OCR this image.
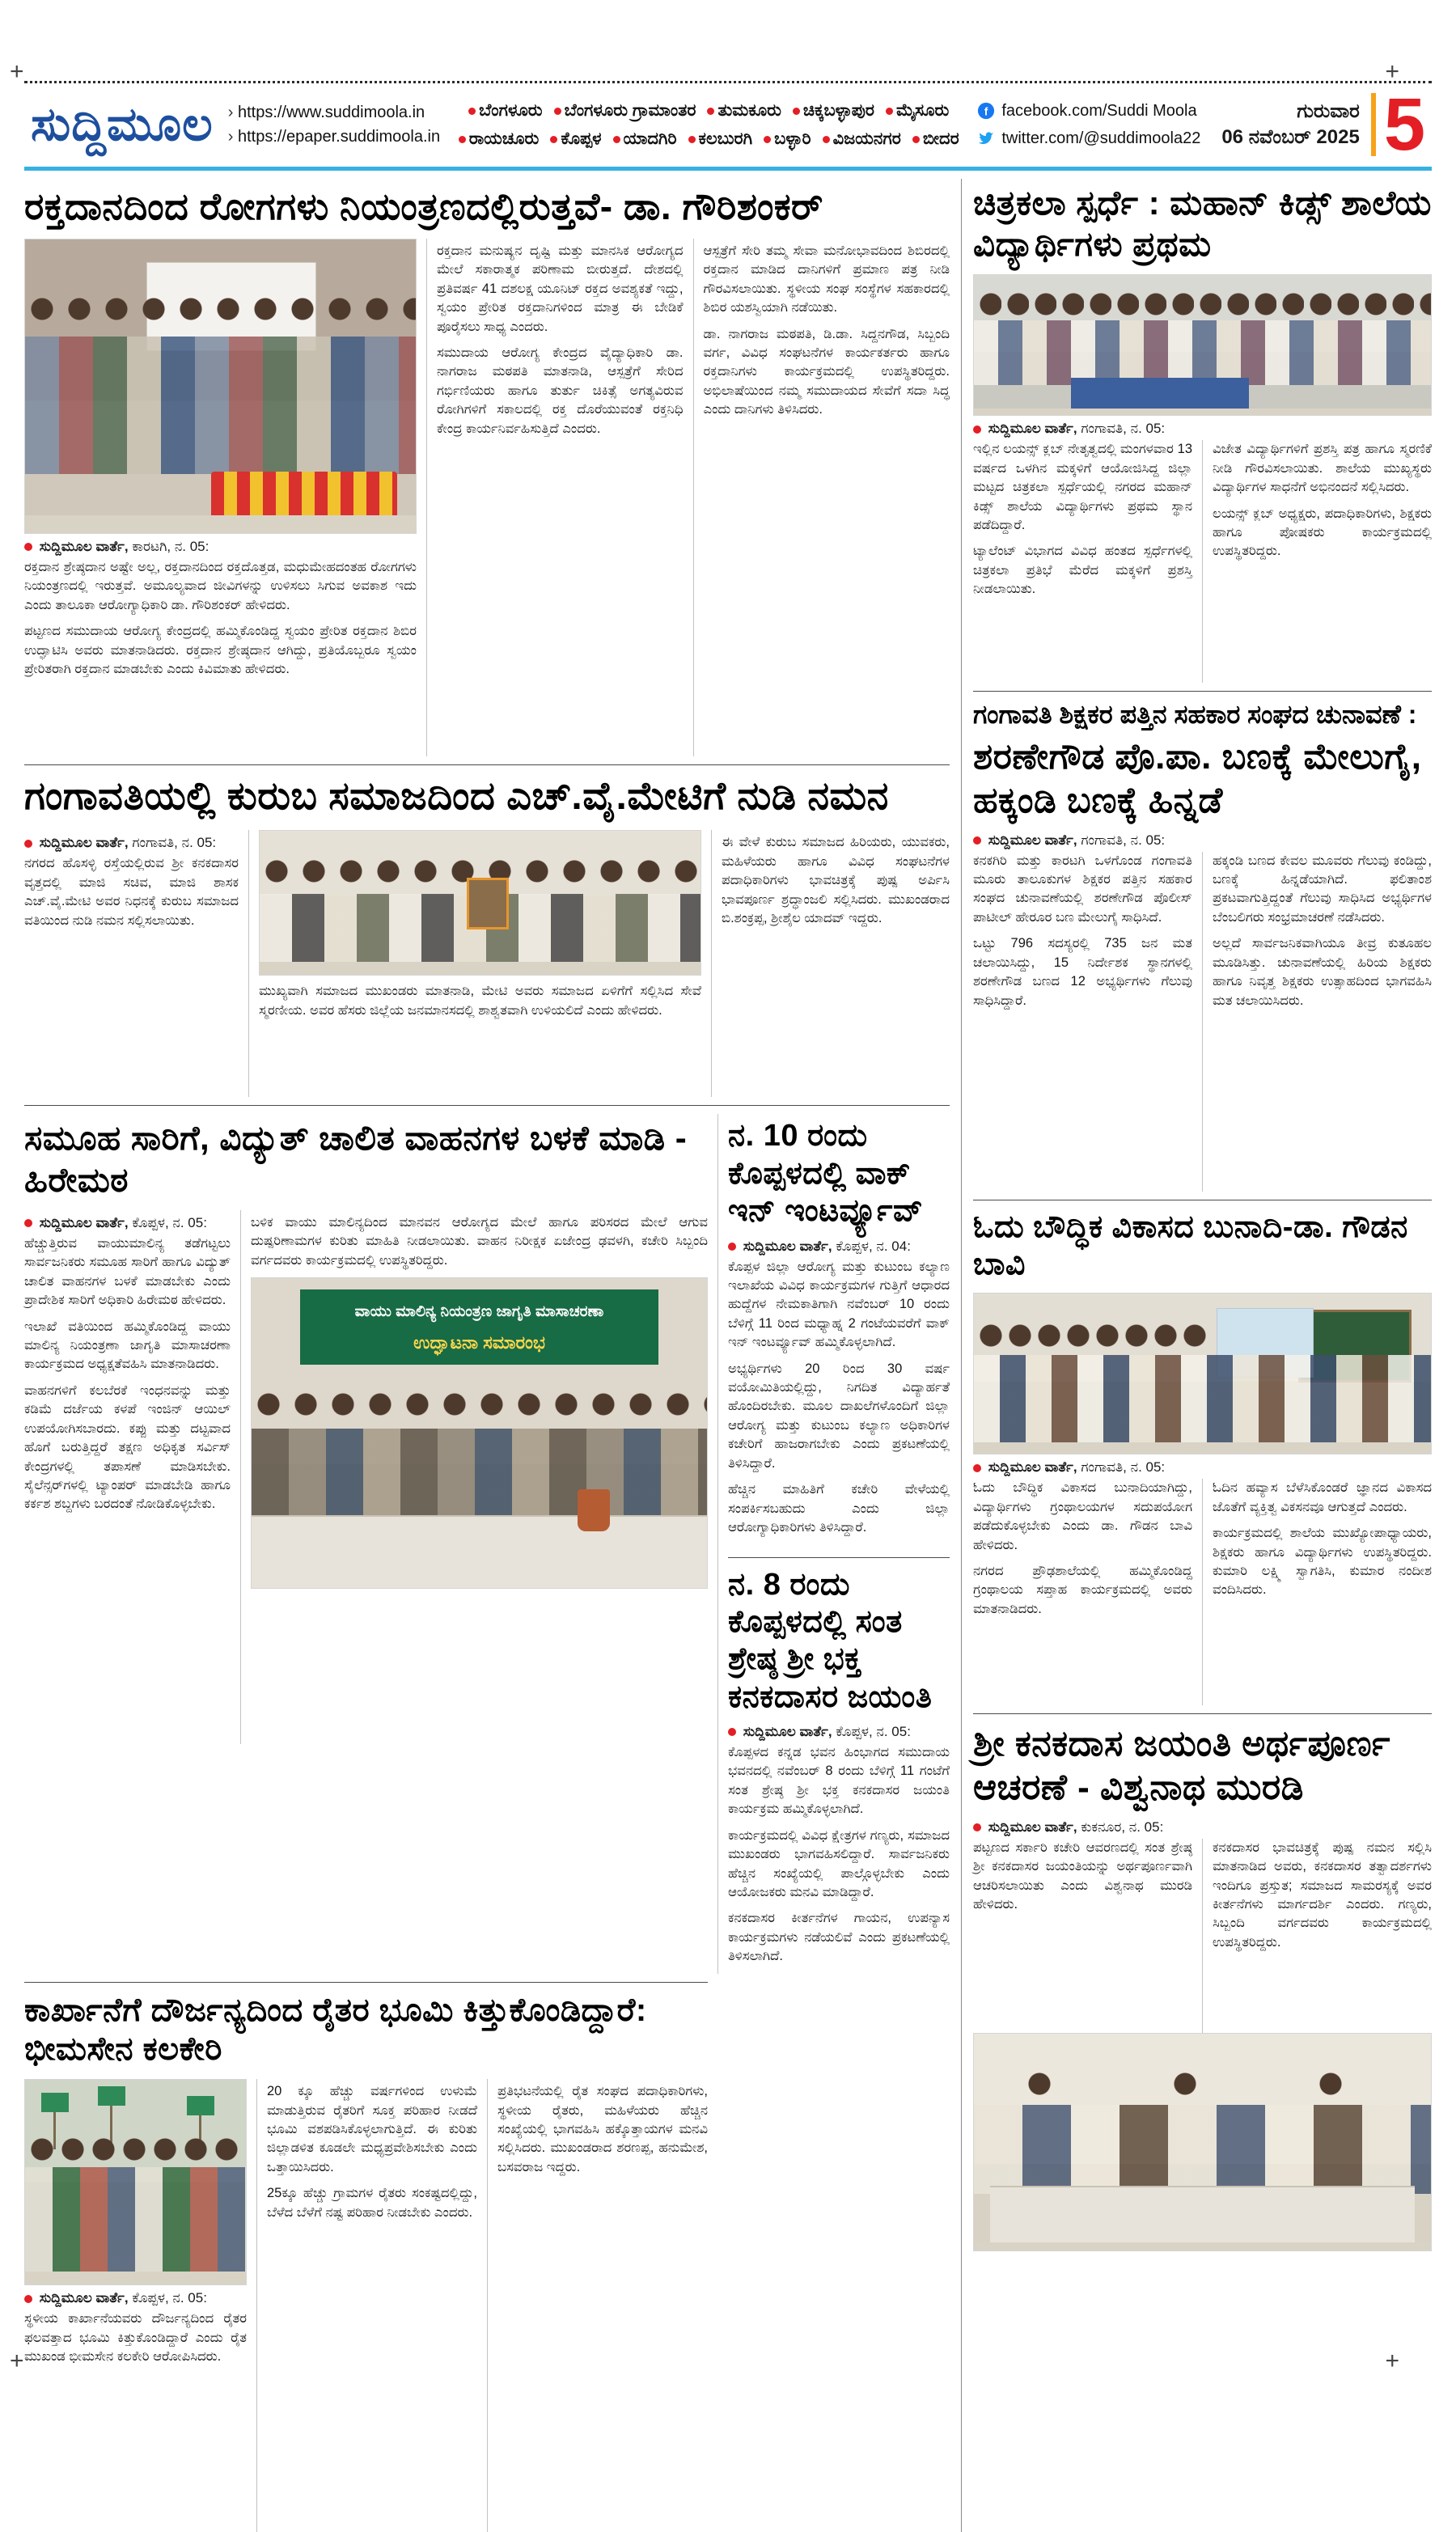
+	+
+	+
ಸುದ್ದಿಮೂಲ	› https://www.suddimoola.in
› https://epaper.suddimoola.in
ಬೆಂಗಳೂರು ಬೆಂಗಳೂರು ಗ್ರಾಮಾಂತರ ತುಮಕೂರು ಚಿಕ್ಕಬಳ್ಳಾಪುರ ಮೈಸೂರು
ರಾಯಚೂರು ಕೊಪ್ಪಳ ಯಾದಗಿರಿ ಕಲಬುರಗಿ ಬಳ್ಳಾರಿ ವಿಜಯನಗರ ಬೀದರ
f facebook.com/Suddi Moola
twitter.com/@suddimoola22
ಗುರುವಾರ
06 ನವೆಂಬರ್ 2025 5
ರಕ್ತದಾನದಿಂದ ರೋಗಗಳು ನಿಯಂತ್ರಣದಲ್ಲಿರುತ್ತವೆ- ಡಾ. ಗೌರಿಶಂಕರ್
ಸುದ್ದಿಮೂಲ ವಾರ್ತೆ, ಕಾರಟಗಿ, ನ. 05:

ರಕ್ತದಾನ ಶ್ರೇಷ್ಠದಾನ ಅಷ್ಟೇ ಅಲ್ಲ, ರಕ್ತದಾನದಿಂದ ರಕ್ತದೊತ್ತಡ, ಮಧುಮೇಹದಂತಹ ರೋಗಗಳು ನಿಯಂತ್ರಣದಲ್ಲಿ ಇರುತ್ತವೆ. ಅಮೂಲ್ಯವಾದ ಜೀವಿಗಳನ್ನು ಉಳಿಸಲು ಸಿಗುವ ಅವಕಾಶ ಇದು ಎಂದು ತಾಲೂಕಾ ಆರೋಗ್ಯಾಧಿಕಾರಿ ಡಾ. ಗೌರಿಶಂಕರ್ ಹೇಳಿದರು.

ಪಟ್ಟಣದ ಸಮುದಾಯ ಆರೋಗ್ಯ ಕೇಂದ್ರದಲ್ಲಿ ಹಮ್ಮಿಕೊಂಡಿದ್ದ ಸ್ವಯಂ ಪ್ರೇರಿತ ರಕ್ತದಾನ ಶಿಬಿರ ಉದ್ಘಾಟಿಸಿ ಅವರು ಮಾತನಾಡಿದರು. ರಕ್ತದಾನ ಶ್ರೇಷ್ಠದಾನ ಆಗಿದ್ದು, ಪ್ರತಿಯೊಬ್ಬರೂ ಸ್ವಯಂ ಪ್ರೇರಿತರಾಗಿ ರಕ್ತದಾನ ಮಾಡಬೇಕು ಎಂದು ಕಿವಿಮಾತು ಹೇಳಿದರು.

ರಕ್ತದಾನ ಮನುಷ್ಯನ ದೃಷ್ಟಿ ಮತ್ತು ಮಾನಸಿಕ ಆರೋಗ್ಯದ ಮೇಲೆ ಸಕಾರಾತ್ಮಕ ಪರಿಣಾಮ ಬೀರುತ್ತದೆ. ದೇಶದಲ್ಲಿ ಪ್ರತಿವರ್ಷ 41 ದಶಲಕ್ಷ ಯೂನಿಟ್ ರಕ್ತದ ಅವಶ್ಯಕತೆ ಇದ್ದು, ಸ್ವಯಂ ಪ್ರೇರಿತ ರಕ್ತದಾನಿಗಳಿಂದ ಮಾತ್ರ ಈ ಬೇಡಿಕೆ ಪೂರೈಸಲು ಸಾಧ್ಯ ಎಂದರು.

ಸಮುದಾಯ ಆರೋಗ್ಯ ಕೇಂದ್ರದ ವೈದ್ಯಾಧಿಕಾರಿ ಡಾ. ನಾಗರಾಜ ಮಠಪತಿ ಮಾತನಾಡಿ, ಆಸ್ಪತ್ರೆಗೆ ಸೇರಿದ ಗರ್ಭಿಣಿಯರು ಹಾಗೂ ತುರ್ತು ಚಿಕಿತ್ಸೆ ಅಗತ್ಯವಿರುವ ರೋಗಿಗಳಿಗೆ ಸಕಾಲದಲ್ಲಿ ರಕ್ತ ದೊರೆಯುವಂತೆ ರಕ್ತನಿಧಿ ಕೇಂದ್ರ ಕಾರ್ಯನಿರ್ವಹಿಸುತ್ತಿದೆ ಎಂದರು.

ಆಸ್ಪತ್ರೆಗೆ ಸೇರಿ ತಮ್ಮ ಸೇವಾ ಮನೋಭಾವದಿಂದ ಶಿಬಿರದಲ್ಲಿ ರಕ್ತದಾನ ಮಾಡಿದ ದಾನಿಗಳಿಗೆ ಪ್ರಮಾಣ ಪತ್ರ ನೀಡಿ ಗೌರವಿಸಲಾಯಿತು. ಸ್ಥಳೀಯ ಸಂಘ ಸಂಸ್ಥೆಗಳ ಸಹಕಾರದಲ್ಲಿ ಶಿಬಿರ ಯಶಸ್ವಿಯಾಗಿ ನಡೆಯಿತು.

ಡಾ. ನಾಗರಾಜ ಮಠಪತಿ, ಡಿ.ಡಾ. ಸಿದ್ದನಗೌಡ, ಸಿಬ್ಬಂದಿ ವರ್ಗ, ವಿವಿಧ ಸಂಘಟನೆಗಳ ಕಾರ್ಯಕರ್ತರು ಹಾಗೂ ರಕ್ತದಾನಿಗಳು ಕಾರ್ಯಕ್ರಮದಲ್ಲಿ ಉಪಸ್ಥಿತರಿದ್ದರು. ಅಭಿಲಾಷೆಯಿಂದ ನಮ್ಮ ಸಮುದಾಯದ ಸೇವೆಗೆ ಸದಾ ಸಿದ್ಧ ಎಂದು ದಾನಿಗಳು ತಿಳಿಸಿದರು.

ಗಂಗಾವತಿಯಲ್ಲಿ ಕುರುಬ ಸಮಾಜದಿಂದ ಎಚ್.ವೈ.ಮೇಟಿಗೆ ನುಡಿ ನಮನ
ಸುದ್ದಿಮೂಲ ವಾರ್ತೆ, ಗಂಗಾವತಿ, ನ. 05:

ನಗರದ ಹೊಸಳ್ಳಿ ರಸ್ತೆಯಲ್ಲಿರುವ ಶ್ರೀ ಕನಕದಾಸರ ವೃತ್ತದಲ್ಲಿ ಮಾಜಿ ಸಚಿವ, ಮಾಜಿ ಶಾಸಕ ಎಚ್.ವೈ.ಮೇಟಿ ಅವರ ನಿಧನಕ್ಕೆ ಕುರುಬ ಸಮಾಜದ ವತಿಯಿಂದ ನುಡಿ ನಮನ ಸಲ್ಲಿಸಲಾಯಿತು.

ಮುಖ್ಯವಾಗಿ ಸಮಾಜದ ಮುಖಂಡರು ಮಾತನಾಡಿ, ಮೇಟಿ ಅವರು ಸಮಾಜದ ಏಳಿಗೆಗೆ ಸಲ್ಲಿಸಿದ ಸೇವೆ ಸ್ಮರಣೀಯ. ಅವರ ಹೆಸರು ಜಿಲ್ಲೆಯ ಜನಮಾನಸದಲ್ಲಿ ಶಾಶ್ವತವಾಗಿ ಉಳಿಯಲಿದೆ ಎಂದು ಹೇಳಿದರು.

ಈ ವೇಳೆ ಕುರುಬ ಸಮಾಜದ ಹಿರಿಯರು, ಯುವಕರು, ಮಹಿಳೆಯರು ಹಾಗೂ ವಿವಿಧ ಸಂಘಟನೆಗಳ ಪದಾಧಿಕಾರಿಗಳು ಭಾವಚಿತ್ರಕ್ಕೆ ಪುಷ್ಪ ಅರ್ಪಿಸಿ ಭಾವಪೂರ್ಣ ಶ್ರದ್ಧಾಂಜಲಿ ಸಲ್ಲಿಸಿದರು. ಮುಖಂಡರಾದ ಬಿ.ಶಂಕ್ರಪ್ಪ, ಶ್ರೀಶೈಲ ಯಾದವ್ ಇದ್ದರು.

ಸಮೂಹ ಸಾರಿಗೆ, ವಿದ್ಯುತ್ ಚಾಲಿತ ವಾಹನಗಳ ಬಳಕೆ ಮಾಡಿ - ಹಿರೇಮಠ
ಸುದ್ದಿಮೂಲ ವಾರ್ತೆ, ಕೊಪ್ಪಳ, ನ. 05:

ಹೆಚ್ಚುತ್ತಿರುವ ವಾಯುಮಾಲಿನ್ಯ ತಡೆಗಟ್ಟಲು ಸಾರ್ವಜನಿಕರು ಸಮೂಹ ಸಾರಿಗೆ ಹಾಗೂ ವಿದ್ಯುತ್ ಚಾಲಿತ ವಾಹನಗಳ ಬಳಕೆ ಮಾಡಬೇಕು ಎಂದು ಪ್ರಾದೇಶಿಕ ಸಾರಿಗೆ ಅಧಿಕಾರಿ ಹಿರೇಮಠ ಹೇಳಿದರು.

ಇಲಾಖೆ ವತಿಯಿಂದ ಹಮ್ಮಿಕೊಂಡಿದ್ದ ವಾಯು ಮಾಲಿನ್ಯ ನಿಯಂತ್ರಣಾ ಜಾಗೃತಿ ಮಾಸಾಚರಣಾ ಕಾರ್ಯಕ್ರಮದ ಅಧ್ಯಕ್ಷತೆವಹಿಸಿ ಮಾತನಾಡಿದರು.

ವಾಹನಗಳಿಗೆ ಕಲಬೆರಕೆ ಇಂಧನವನ್ನು ಮತ್ತು ಕಡಿಮೆ ದರ್ಜೆಯ ಕಳಪೆ ಇಂಜಿನ್ ಆಯಿಲ್ ಉಪಯೋಗಿಸಬಾರದು. ಕಪ್ಪು ಮತ್ತು ದಟ್ಟವಾದ ಹೊಗೆ ಬರುತ್ತಿದ್ದರೆ ತಕ್ಷಣ ಅಧಿಕೃತ ಸರ್ವಿಸ್ ಕೇಂದ್ರಗಳಲ್ಲಿ ತಪಾಸಣೆ ಮಾಡಿಸಬೇಕು. ಸೈಲೆನ್ಸರ್‌ಗಳಲ್ಲಿ ಟ್ಯಾಂಪರ್ ಮಾಡಬೇಡಿ ಹಾಗೂ ಕರ್ಕಶ ಶಬ್ದಗಳು ಬರದಂತೆ ನೋಡಿಕೊಳ್ಳಬೇಕು.

ಬಳಿಕ ವಾಯು ಮಾಲಿನ್ಯದಿಂದ ಮಾನವನ ಆರೋಗ್ಯದ ಮೇಲೆ ಹಾಗೂ ಪರಿಸರದ ಮೇಲೆ ಆಗುವ ದುಷ್ಪರಿಣಾಮಗಳ ಕುರಿತು ಮಾಹಿತಿ ನೀಡಲಾಯಿತು. ವಾಹನ ನಿರೀಕ್ಷಕ ಏಜೇಂದ್ರ ಢವಳಗಿ, ಕಚೇರಿ ಸಿಬ್ಬಂದಿ ವರ್ಗದವರು ಕಾರ್ಯಕ್ರಮದಲ್ಲಿ ಉಪಸ್ಥಿತರಿದ್ದರು.

ವಾಯು ಮಾಲಿನ್ಯ ನಿಯಂತ್ರಣ ಜಾಗೃತಿ ಮಾಸಾಚರಣಾ
ಉದ್ಘಾಟನಾ ಸಮಾರಂಭ
ನ. 10 ರಂದು ಕೊಪ್ಪಳದಲ್ಲಿ ವಾಕ್ ಇನ್ ಇಂಟರ್ವ್ಯೂವ್
ಸುದ್ದಿಮೂಲ ವಾರ್ತೆ, ಕೊಪ್ಪಳ, ನ. 04:

ಕೊಪ್ಪಳ ಜಿಲ್ಲಾ ಆರೋಗ್ಯ ಮತ್ತು ಕುಟುಂಬ ಕಲ್ಯಾಣ ಇಲಾಖೆಯ ವಿವಿಧ ಕಾರ್ಯಕ್ರಮಗಳ ಗುತ್ತಿಗೆ ಆಧಾರದ ಹುದ್ದೆಗಳ ನೇಮಕಾತಿಗಾಗಿ ನವೆಂಬರ್ 10 ರಂದು ಬೆಳಿಗ್ಗೆ 11 ರಿಂದ ಮಧ್ಯಾಹ್ನ 2 ಗಂಟೆಯವರೆಗೆ ವಾಕ್ ಇನ್ ಇಂಟರ್ವ್ಯೂವ್ ಹಮ್ಮಿಕೊಳ್ಳಲಾಗಿದೆ.

ಅಭ್ಯರ್ಥಿಗಳು 20 ರಿಂದ 30 ವರ್ಷ ವಯೋಮಿತಿಯಲ್ಲಿದ್ದು, ನಿಗದಿತ ವಿದ್ಯಾರ್ಹತೆ ಹೊಂದಿರಬೇಕು. ಮೂಲ ದಾಖಲೆಗಳೊಂದಿಗೆ ಜಿಲ್ಲಾ ಆರೋಗ್ಯ ಮತ್ತು ಕುಟುಂಬ ಕಲ್ಯಾಣ ಅಧಿಕಾರಿಗಳ ಕಚೇರಿಗೆ ಹಾಜರಾಗಬೇಕು ಎಂದು ಪ್ರಕಟಣೆಯಲ್ಲಿ ತಿಳಿಸಿದ್ದಾರೆ.

ಹೆಚ್ಚಿನ ಮಾಹಿತಿಗೆ ಕಚೇರಿ ವೇಳೆಯಲ್ಲಿ ಸಂಪರ್ಕಿಸಬಹುದು ಎಂದು ಜಿಲ್ಲಾ ಆರೋಗ್ಯಾಧಿಕಾರಿಗಳು ತಿಳಿಸಿದ್ದಾರೆ.

ನ. 8 ರಂದು ಕೊಪ್ಪಳದಲ್ಲಿ ಸಂತ ಶ್ರೇಷ್ಠ ಶ್ರೀ ಭಕ್ತ ಕನಕದಾಸರ ಜಯಂತಿ
ಸುದ್ದಿಮೂಲ ವಾರ್ತೆ, ಕೊಪ್ಪಳ, ನ. 05:

ಕೊಪ್ಪಳದ ಕನ್ನಡ ಭವನ ಹಿಂಭಾಗದ ಸಮುದಾಯ ಭವನದಲ್ಲಿ ನವೆಂಬರ್ 8 ರಂದು ಬೆಳಿಗ್ಗೆ 11 ಗಂಟೆಗೆ ಸಂತ ಶ್ರೇಷ್ಠ ಶ್ರೀ ಭಕ್ತ ಕನಕದಾಸರ ಜಯಂತಿ ಕಾರ್ಯಕ್ರಮ ಹಮ್ಮಿಕೊಳ್ಳಲಾಗಿದೆ.

ಕಾರ್ಯಕ್ರಮದಲ್ಲಿ ವಿವಿಧ ಕ್ಷೇತ್ರಗಳ ಗಣ್ಯರು, ಸಮಾಜದ ಮುಖಂಡರು ಭಾಗವಹಿಸಲಿದ್ದಾರೆ. ಸಾರ್ವಜನಿಕರು ಹೆಚ್ಚಿನ ಸಂಖ್ಯೆಯಲ್ಲಿ ಪಾಲ್ಗೊಳ್ಳಬೇಕು ಎಂದು ಆಯೋಜಕರು ಮನವಿ ಮಾಡಿದ್ದಾರೆ.

ಕನಕದಾಸರ ಕೀರ್ತನೆಗಳ ಗಾಯನ, ಉಪನ್ಯಾಸ ಕಾರ್ಯಕ್ರಮಗಳು ನಡೆಯಲಿವೆ ಎಂದು ಪ್ರಕಟಣೆಯಲ್ಲಿ ತಿಳಿಸಲಾಗಿದೆ.

ಕಾರ್ಖಾನೆಗೆ ದೌರ್ಜನ್ಯದಿಂದ ರೈತರ ಭೂಮಿ ಕಿತ್ತುಕೊಂಡಿದ್ದಾರೆ: ಭೀಮಸೇನ ಕಲಕೇರಿ
ಸುದ್ದಿಮೂಲ ವಾರ್ತೆ, ಕೊಪ್ಪಳ, ನ. 05:

ಸ್ಥಳೀಯ ಕಾರ್ಖಾನೆಯವರು ದೌರ್ಜನ್ಯದಿಂದ ರೈತರ ಫಲವತ್ತಾದ ಭೂಮಿ ಕಿತ್ತುಕೊಂಡಿದ್ದಾರೆ ಎಂದು ರೈತ ಮುಖಂಡ ಭೀಮಸೇನ ಕಲಕೇರಿ ಆರೋಪಿಸಿದರು.

20 ಕ್ಕೂ ಹೆಚ್ಚು ವರ್ಷಗಳಿಂದ ಉಳುಮೆ ಮಾಡುತ್ತಿರುವ ರೈತರಿಗೆ ಸೂಕ್ತ ಪರಿಹಾರ ನೀಡದೆ ಭೂಮಿ ವಶಪಡಿಸಿಕೊಳ್ಳಲಾಗುತ್ತಿದೆ. ಈ ಕುರಿತು ಜಿಲ್ಲಾಡಳಿತ ಕೂಡಲೇ ಮಧ್ಯಪ್ರವೇಶಿಸಬೇಕು ಎಂದು ಒತ್ತಾಯಿಸಿದರು.

25ಕ್ಕೂ ಹೆಚ್ಚು ಗ್ರಾಮಗಳ ರೈತರು ಸಂಕಷ್ಟದಲ್ಲಿದ್ದು, ಬೆಳೆದ ಬೆಳೆಗೆ ನಷ್ಟ ಪರಿಹಾರ ನೀಡಬೇಕು ಎಂದರು.

ಪ್ರತಿಭಟನೆಯಲ್ಲಿ ರೈತ ಸಂಘದ ಪದಾಧಿಕಾರಿಗಳು, ಸ್ಥಳೀಯ ರೈತರು, ಮಹಿಳೆಯರು ಹೆಚ್ಚಿನ ಸಂಖ್ಯೆಯಲ್ಲಿ ಭಾಗವಹಿಸಿ ಹಕ್ಕೊತ್ತಾಯಗಳ ಮನವಿ ಸಲ್ಲಿಸಿದರು. ಮುಖಂಡರಾದ ಶರಣಪ್ಪ, ಹನುಮೇಶ, ಬಸವರಾಜ ಇದ್ದರು.

ಚಿತ್ರಕಲಾ ಸ್ಪರ್ಧೆ : ಮಹಾನ್ ಕಿಡ್ಸ್ ಶಾಲೆಯ ವಿದ್ಯಾರ್ಥಿಗಳು ಪ್ರಥಮ
ಸುದ್ದಿಮೂಲ ವಾರ್ತೆ, ಗಂಗಾವತಿ, ನ. 05:

ಇಲ್ಲಿನ ಲಯನ್ಸ್ ಕ್ಲಬ್ ನೇತೃತ್ವದಲ್ಲಿ ಮಂಗಳವಾರ 13 ವರ್ಷದ ಒಳಗಿನ ಮಕ್ಕಳಿಗೆ ಆಯೋಜಿಸಿದ್ದ ಜಿಲ್ಲಾ ಮಟ್ಟದ ಚಿತ್ರಕಲಾ ಸ್ಪರ್ಧೆಯಲ್ಲಿ ನಗರದ ಮಹಾನ್ ಕಿಡ್ಸ್ ಶಾಲೆಯ ವಿದ್ಯಾರ್ಥಿಗಳು ಪ್ರಥಮ ಸ್ಥಾನ ಪಡೆದಿದ್ದಾರೆ.

ಟ್ಯಾಲೆಂಟ್ ವಿಭಾಗದ ವಿವಿಧ ಹಂತದ ಸ್ಪರ್ಧೆಗಳಲ್ಲಿ ಚಿತ್ರಕಲಾ ಪ್ರತಿಭೆ ಮೆರೆದ ಮಕ್ಕಳಿಗೆ ಪ್ರಶಸ್ತಿ ನೀಡಲಾಯಿತು.

ವಿಜೇತ ವಿದ್ಯಾರ್ಥಿಗಳಿಗೆ ಪ್ರಶಸ್ತಿ ಪತ್ರ ಹಾಗೂ ಸ್ಮರಣಿಕೆ ನೀಡಿ ಗೌರವಿಸಲಾಯಿತು. ಶಾಲೆಯ ಮುಖ್ಯಸ್ಥರು ವಿದ್ಯಾರ್ಥಿಗಳ ಸಾಧನೆಗೆ ಅಭಿನಂದನೆ ಸಲ್ಲಿಸಿದರು.

ಲಯನ್ಸ್ ಕ್ಲಬ್ ಅಧ್ಯಕ್ಷರು, ಪದಾಧಿಕಾರಿಗಳು, ಶಿಕ್ಷಕರು ಹಾಗೂ ಪೋಷಕರು ಕಾರ್ಯಕ್ರಮದಲ್ಲಿ ಉಪಸ್ಥಿತರಿದ್ದರು.

ಗಂಗಾವತಿ ಶಿಕ್ಷಕರ ಪತ್ತಿನ ಸಹಕಾರ ಸಂಘದ ಚುನಾವಣೆ :
ಶರಣೇಗೌಡ ಪೊ.ಪಾ. ಬಣಕ್ಕೆ ಮೇಲುಗೈ, ಹಕ್ಕಂಡಿ ಬಣಕ್ಕೆ ಹಿನ್ನಡೆ
ಸುದ್ದಿಮೂಲ ವಾರ್ತೆ, ಗಂಗಾವತಿ, ನ. 05:

ಕನಕಗಿರಿ ಮತ್ತು ಕಾರಟಗಿ ಒಳಗೊಂಡ ಗಂಗಾವತಿ ಮೂರು ತಾಲೂಕುಗಳ ಶಿಕ್ಷಕರ ಪತ್ತಿನ ಸಹಕಾರ ಸಂಘದ ಚುನಾವಣೆಯಲ್ಲಿ ಶರಣೇಗೌಡ ಪೊಲೀಸ್ ಪಾಟೀಲ್ ಹೇರೂರ ಬಣ ಮೇಲುಗೈ ಸಾಧಿಸಿದೆ.

ಒಟ್ಟು 796 ಸದಸ್ಯರಲ್ಲಿ 735 ಜನ ಮತ ಚಲಾಯಿಸಿದ್ದು, 15 ನಿರ್ದೇಶಕ ಸ್ಥಾನಗಳಲ್ಲಿ ಶರಣೇಗೌಡ ಬಣದ 12 ಅಭ್ಯರ್ಥಿಗಳು ಗೆಲುವು ಸಾಧಿಸಿದ್ದಾರೆ.

ಹಕ್ಕಂಡಿ ಬಣದ ಕೇವಲ ಮೂವರು ಗೆಲುವು ಕಂಡಿದ್ದು, ಬಣಕ್ಕೆ ಹಿನ್ನಡೆಯಾಗಿದೆ. ಫಲಿತಾಂಶ ಪ್ರಕಟವಾಗುತ್ತಿದ್ದಂತೆ ಗೆಲುವು ಸಾಧಿಸಿದ ಅಭ್ಯರ್ಥಿಗಳ ಬೆಂಬಲಿಗರು ಸಂಭ್ರಮಾಚರಣೆ ನಡೆಸಿದರು.

ಅಲ್ಲದೆ ಸಾರ್ವಜನಿಕವಾಗಿಯೂ ತೀವ್ರ ಕುತೂಹಲ ಮೂಡಿಸಿತ್ತು. ಚುನಾವಣೆಯಲ್ಲಿ ಹಿರಿಯ ಶಿಕ್ಷಕರು ಹಾಗೂ ನಿವೃತ್ತ ಶಿಕ್ಷಕರು ಉತ್ಸಾಹದಿಂದ ಭಾಗವಹಿಸಿ ಮತ ಚಲಾಯಿಸಿದರು.

ಓದು ಬೌದ್ಧಿಕ ವಿಕಾಸದ ಬುನಾದಿ-ಡಾ. ಗೌಡನ ಬಾವಿ
ಸುದ್ದಿಮೂಲ ವಾರ್ತೆ, ಗಂಗಾವತಿ, ನ. 05:

ಓದು ಬೌದ್ಧಿಕ ವಿಕಾಸದ ಬುನಾದಿಯಾಗಿದ್ದು, ವಿದ್ಯಾರ್ಥಿಗಳು ಗ್ರಂಥಾಲಯಗಳ ಸದುಪಯೋಗ ಪಡೆದುಕೊಳ್ಳಬೇಕು ಎಂದು ಡಾ. ಗೌಡನ ಬಾವಿ ಹೇಳಿದರು.

ನಗರದ ಪ್ರೌಢಶಾಲೆಯಲ್ಲಿ ಹಮ್ಮಿಕೊಂಡಿದ್ದ ಗ್ರಂಥಾಲಯ ಸಪ್ತಾಹ ಕಾರ್ಯಕ್ರಮದಲ್ಲಿ ಅವರು ಮಾತನಾಡಿದರು.

ಓದಿನ ಹವ್ಯಾಸ ಬೆಳೆಸಿಕೊಂಡರೆ ಜ್ಞಾನದ ವಿಕಾಸದ ಜೊತೆಗೆ ವ್ಯಕ್ತಿತ್ವ ವಿಕಸನವೂ ಆಗುತ್ತದೆ ಎಂದರು.

ಕಾರ್ಯಕ್ರಮದಲ್ಲಿ ಶಾಲೆಯ ಮುಖ್ಯೋಪಾಧ್ಯಾಯರು, ಶಿಕ್ಷಕರು ಹಾಗೂ ವಿದ್ಯಾರ್ಥಿಗಳು ಉಪಸ್ಥಿತರಿದ್ದರು. ಕುಮಾರಿ ಲಕ್ಷ್ಮಿ ಸ್ವಾಗತಿಸಿ, ಕುಮಾರ ನಂದೀಶ ವಂದಿಸಿದರು.

ಶ್ರೀ ಕನಕದಾಸ ಜಯಂತಿ ಅರ್ಥಪೂರ್ಣ ಆಚರಣೆ - ವಿಶ್ವನಾಥ ಮುರಡಿ
ಸುದ್ದಿಮೂಲ ವಾರ್ತೆ, ಕುಕನೂರ, ನ. 05:

ಪಟ್ಟಣದ ಸರ್ಕಾರಿ ಕಚೇರಿ ಆವರಣದಲ್ಲಿ ಸಂತ ಶ್ರೇಷ್ಠ ಶ್ರೀ ಕನಕದಾಸರ ಜಯಂತಿಯನ್ನು ಅರ್ಥಪೂರ್ಣವಾಗಿ ಆಚರಿಸಲಾಯಿತು ಎಂದು ವಿಶ್ವನಾಥ ಮುರಡಿ ಹೇಳಿದರು.

ಕನಕದಾಸರ ಭಾವಚಿತ್ರಕ್ಕೆ ಪುಷ್ಪ ನಮನ ಸಲ್ಲಿಸಿ ಮಾತನಾಡಿದ ಅವರು, ಕನಕದಾಸರ ತತ್ವಾದರ್ಶಗಳು ಇಂದಿಗೂ ಪ್ರಸ್ತುತ; ಸಮಾಜದ ಸಾಮರಸ್ಯಕ್ಕೆ ಅವರ ಕೀರ್ತನೆಗಳು ಮಾರ್ಗದರ್ಶಿ ಎಂದರು. ಗಣ್ಯರು, ಸಿಬ್ಬಂದಿ ವರ್ಗದವರು ಕಾರ್ಯಕ್ರಮದಲ್ಲಿ ಉಪಸ್ಥಿತರಿದ್ದರು.
